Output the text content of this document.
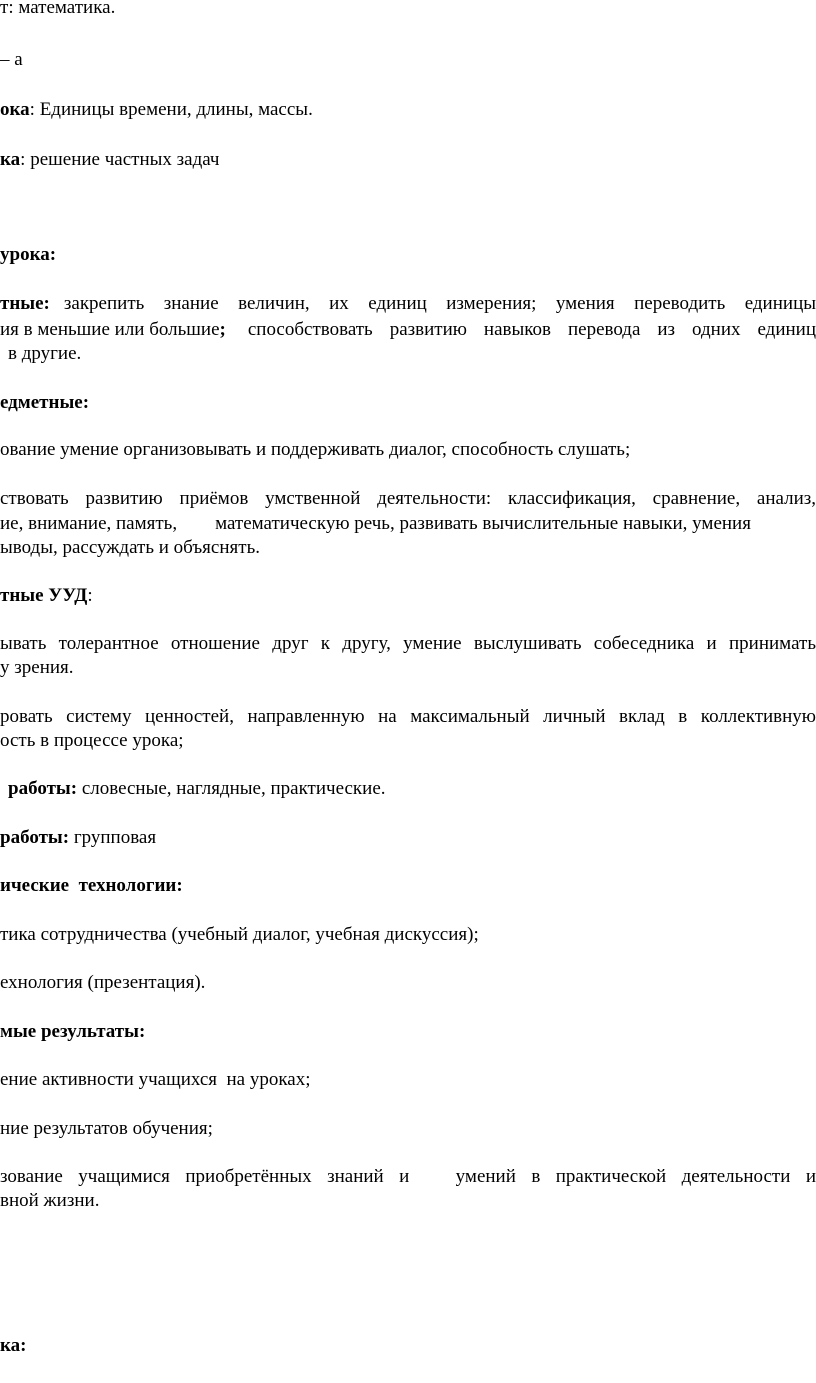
т: математика.

– а

ока: Единицы времени, длины, массы.

ка: решение частных задач

урока:

тные: закрепить знание величин, их единиц измерения; умения переводить единицы

ия в меньшие или большие ; способствовать развитию навыков перевода из одних единиц

в другие.

едметные:

ование умение организовывать и поддерживать диалог, способность слушать;

ствовать развитию приёмов умственной деятельности: классификация, сравнение, анализ,

ие, внимание, память,        математическую речь, развивать вычислительные навыки, умения

ыводы, рассуждать и объяснять.

тные УУД:

ывать толерантное отношение друг к другу, умение выслушивать собеседника и принимать

у зрения.

ровать систему ценностей, направленную на максимальный личный вклад в коллективную

ость в процессе урока;

работы: словесные, наглядные, практические.

работы: групповая

ические  технологии:

тика сотрудничества (учебный диалог, учебная дискуссия);

ехнология (презентация).

мые результаты:

ение активности учащихся  на уроках;

ние результатов обучения;

зование учащимися приобретённых знаний и   умений в практической деятельности и

вной жизни.

ка:
